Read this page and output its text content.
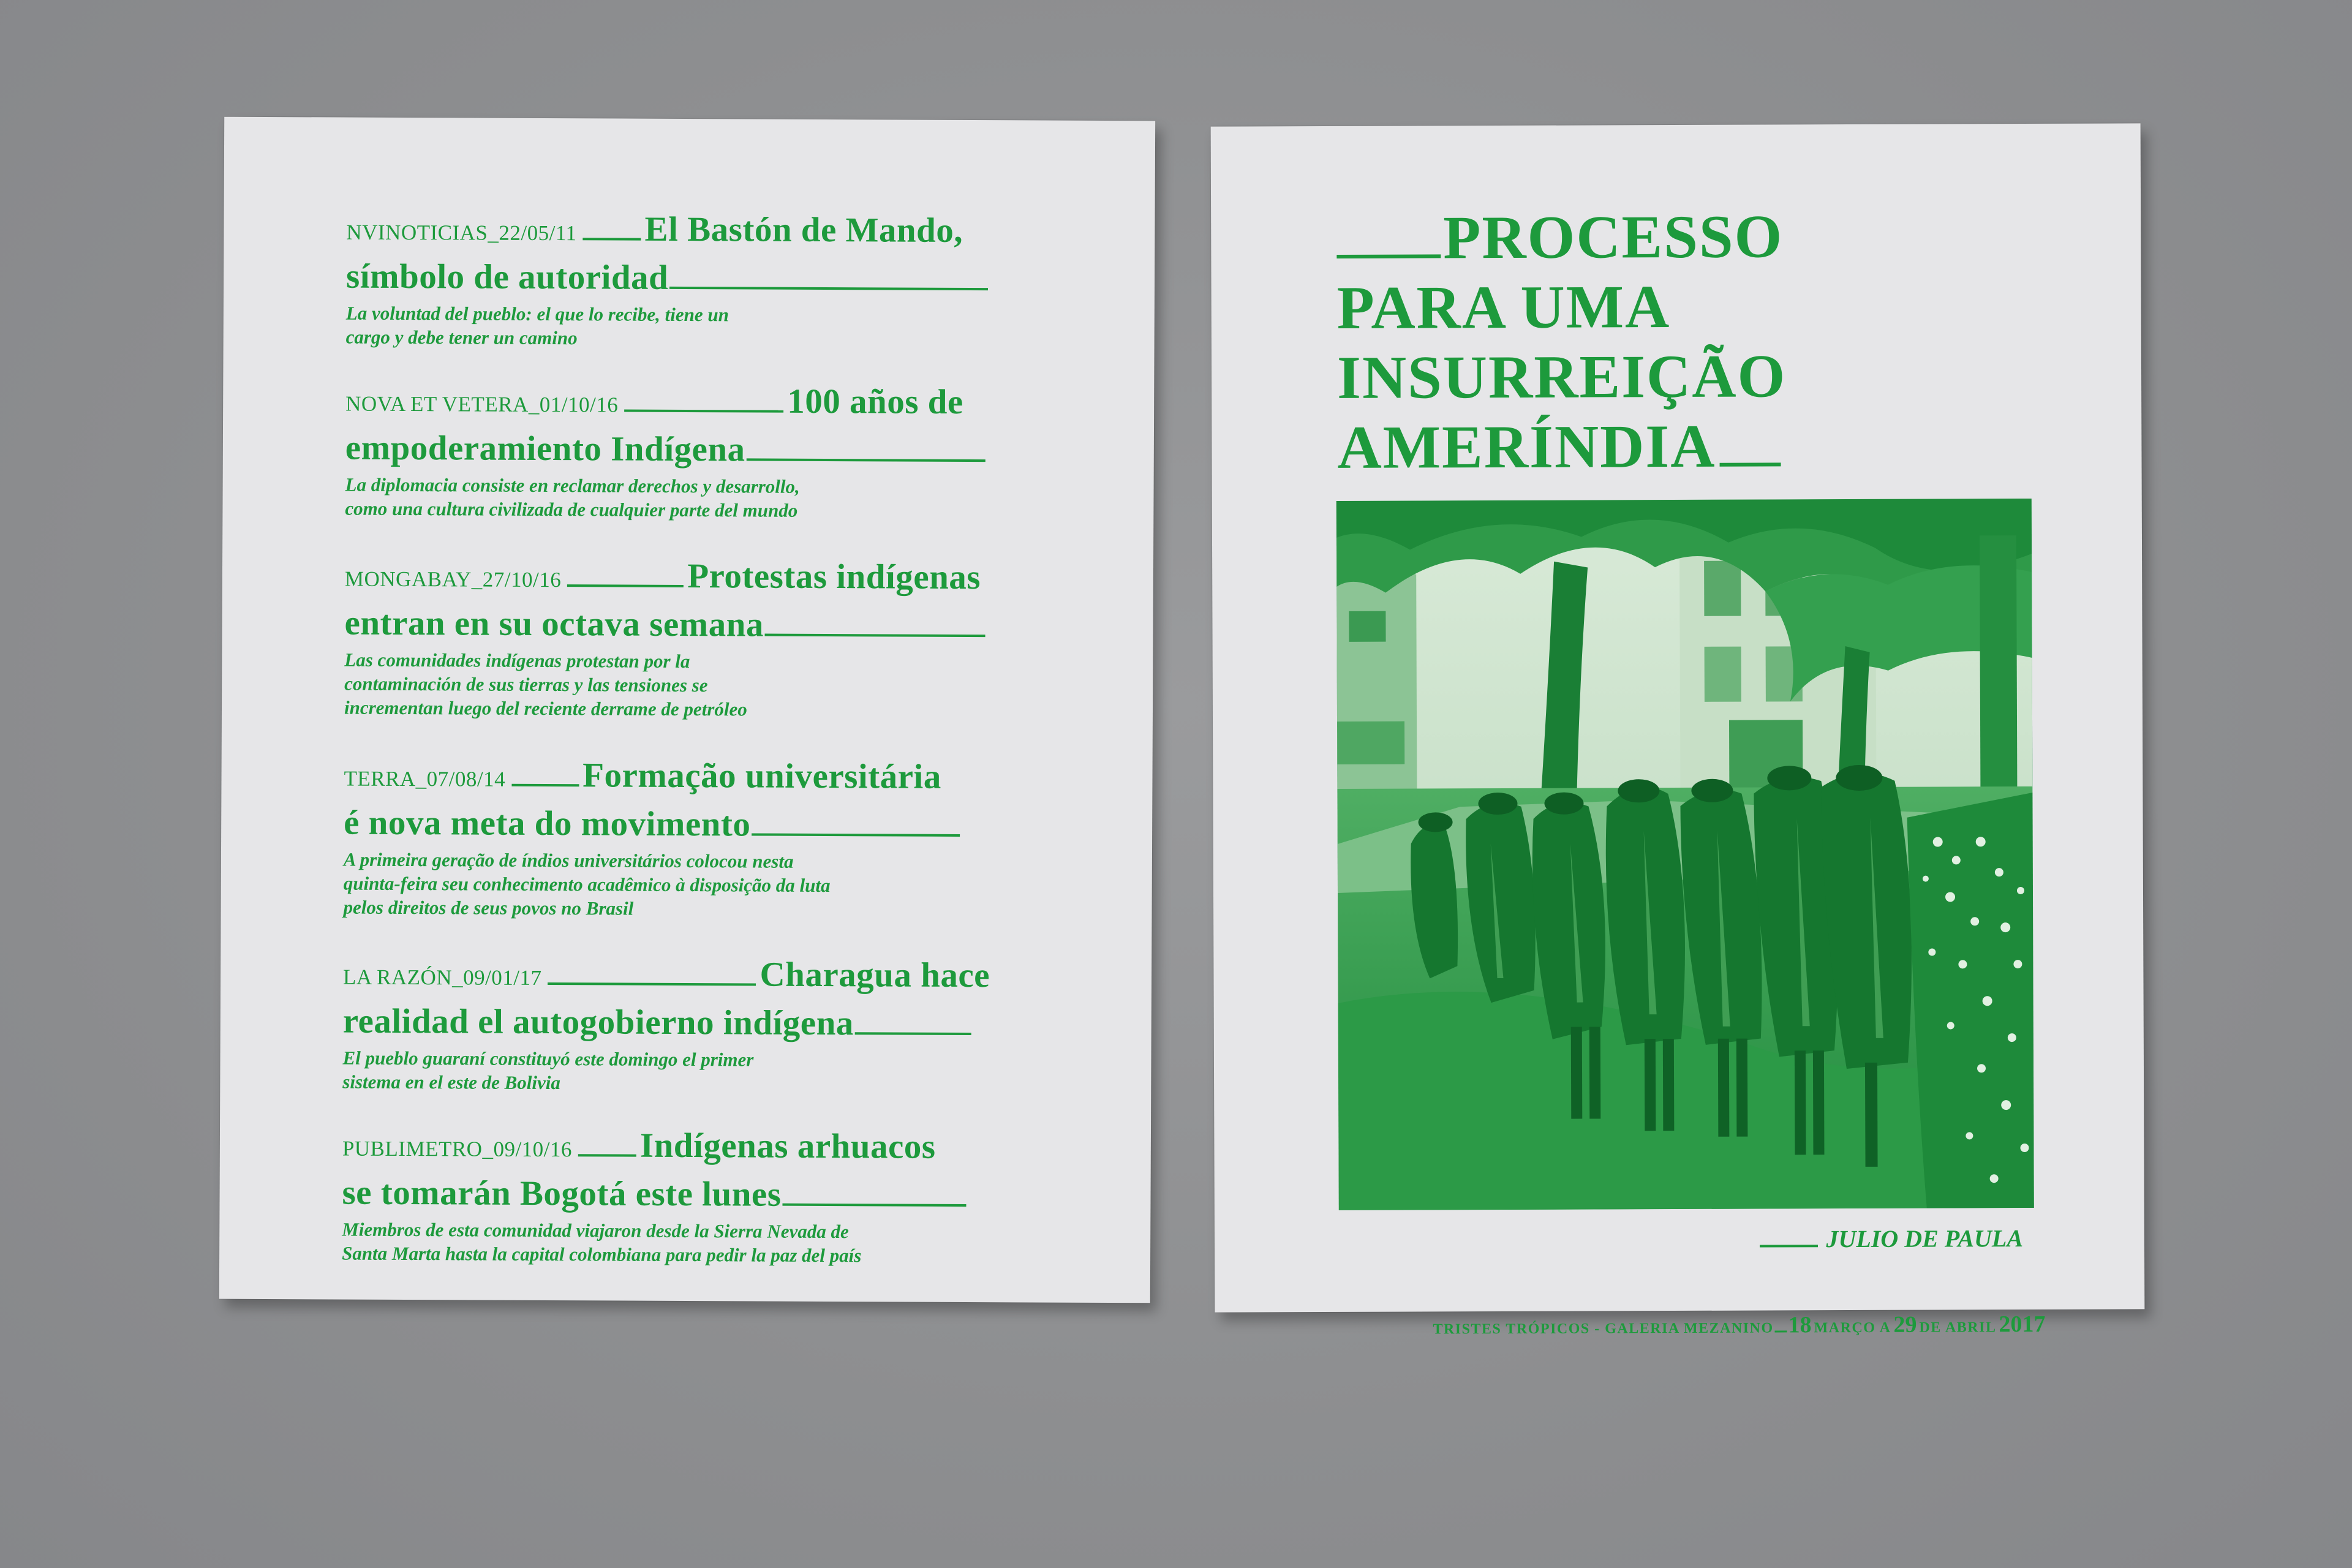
NVINOTICIAS_22/05/11 El Bastón de Mando,
símbolo de autoridad
La voluntad del pueblo: el que lo recibe, tiene un
cargo y debe tener un camino
NOVA ET VETERA_01/10/16	100 años de
empoderamiento Indígena
La diplomacia consiste en reclamar derechos y desarrollo,
como una cultura civilizada de cualquier parte del mundo
MONGABAY_27/10/16	Protestas indígenas
entran en su octava semana
Las comunidades indígenas protestan por la
contaminación de sus tierras y las tensiones se
incrementan luego del reciente derrame de petróleo
TERRA_07/08/14 Formação universitária
é nova meta do movimento
A primeira geração de índios universitários colocou nesta
quinta-feira seu conhecimento acadêmico à disposição da luta
pelos direitos de seus povos no Brasil
LA RAZÓN_09/01/17	Charagua hace
realidad el autogobierno indígena
El pueblo guaraní constituyó este domingo el primer
sistema en el este de Bolivia
PUBLIMETRO_09/10/16 Indígenas arhuacos
se tomarán Bogotá este lunes
Miembros de esta comunidad viajaron desde la Sierra Nevada de
Santa Marta hasta la capital colombiana para pedir la paz del país
PROCESSO
PARA UMA
INSURREIÇÃO
AMERÍNDIA
JULIO DE PAULA
TRISTES TRÓPICOS - GALERIA MEZANINO 18 MARÇO A 29 DE ABRIL 2017
